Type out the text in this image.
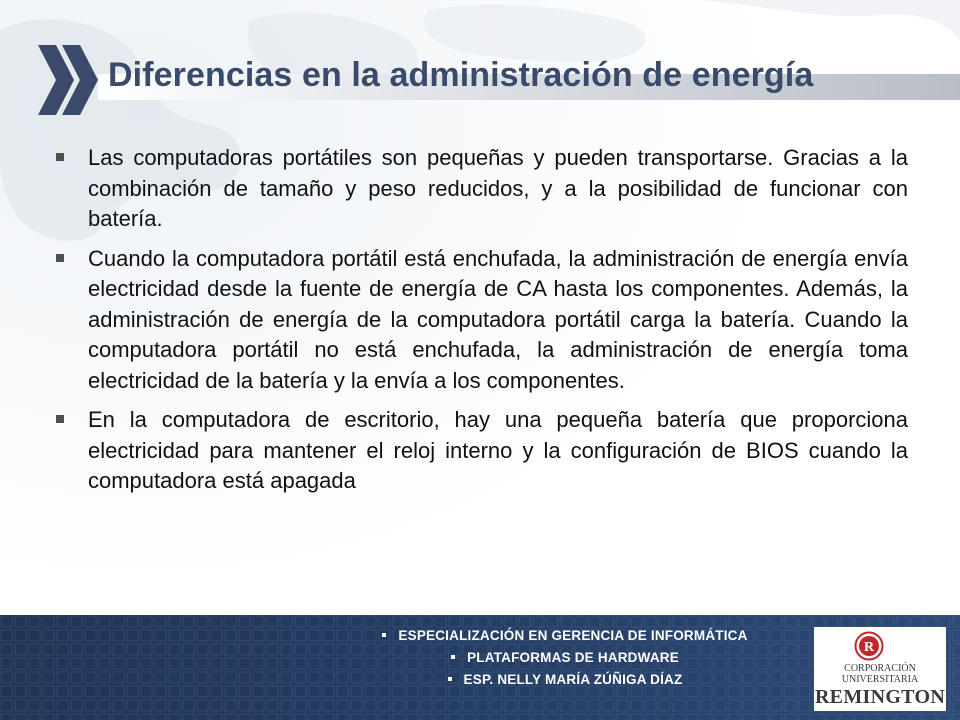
Diferencias en la administración de energía
Las computadoras portátiles son pequeñas y pueden transportarse. Gracias a la combinación de tamaño y peso reducidos, y a la posibilidad de funcionar con batería.
Cuando la computadora portátil está enchufada, la administración de energía envía electricidad desde la fuente de energía de CA hasta los componentes. Además, la administración de energía de la computadora portátil carga la batería. Cuando la computadora portátil no está enchufada, la administración de energía toma electricidad de la batería y la envía a los componentes.
En la computadora de escritorio, hay una pequeña batería que proporciona electricidad para mantener el reloj interno y la configuración de BIOS cuando la computadora está apagada
ESPECIALIZACIÓN EN GERENCIA DE INFORMÁTICA
PLATAFORMAS DE HARDWARE
ESP. NELLY MARÍA ZÚÑIGA DÍAZ
R
CORPORACIÓN
UNIVERSITARIA
REMINGTON
